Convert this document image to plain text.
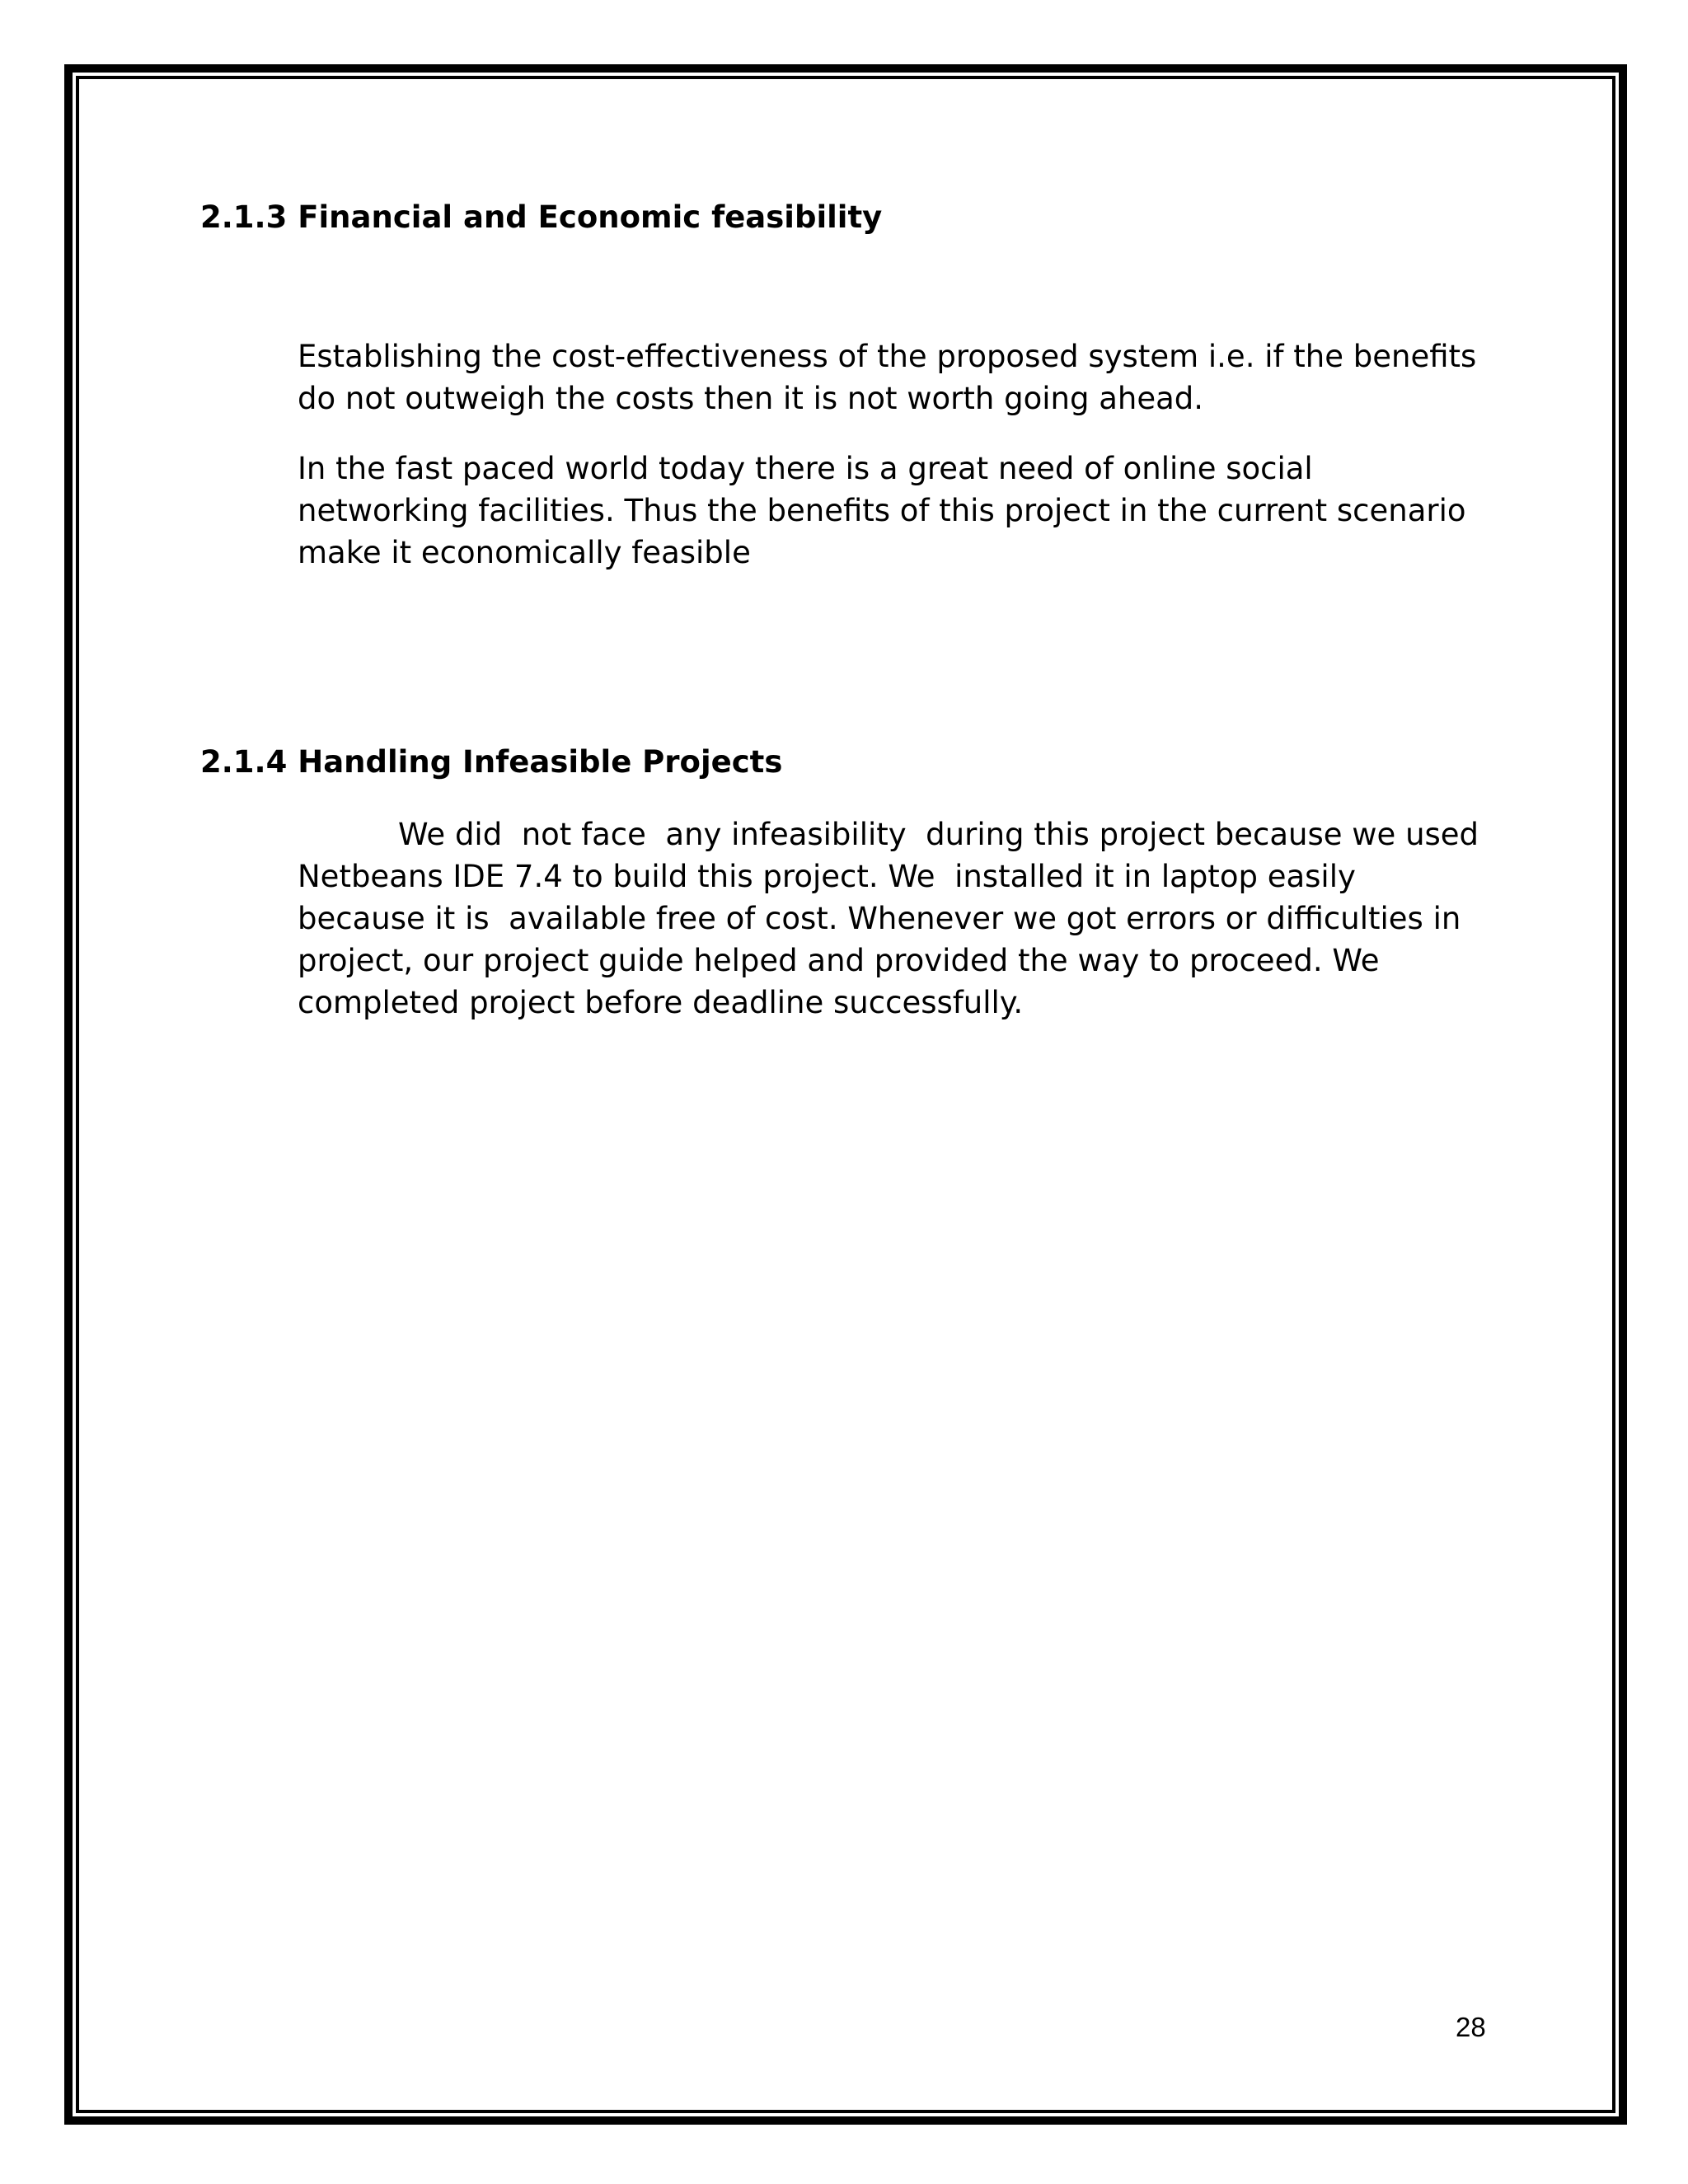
2.1.3 Financial and Economic feasibility

Establishing the cost-effectiveness of the proposed system i.e. if the benefits
do not outweigh the costs then it is not worth going ahead.

In the fast paced world today there is a great need of online social
networking facilities. Thus the benefits of this project in the current scenario
make it economically feasible

2.1.4 Handling Infeasible Projects

We did  not face  any infeasibility  during this project because we used
Netbeans IDE 7.4 to build this project. We  installed it in laptop easily
because it is  available free of cost. Whenever we got errors or difficulties in
project, our project guide helped and provided the way to proceed. We
completed project before deadline successfully.

28
